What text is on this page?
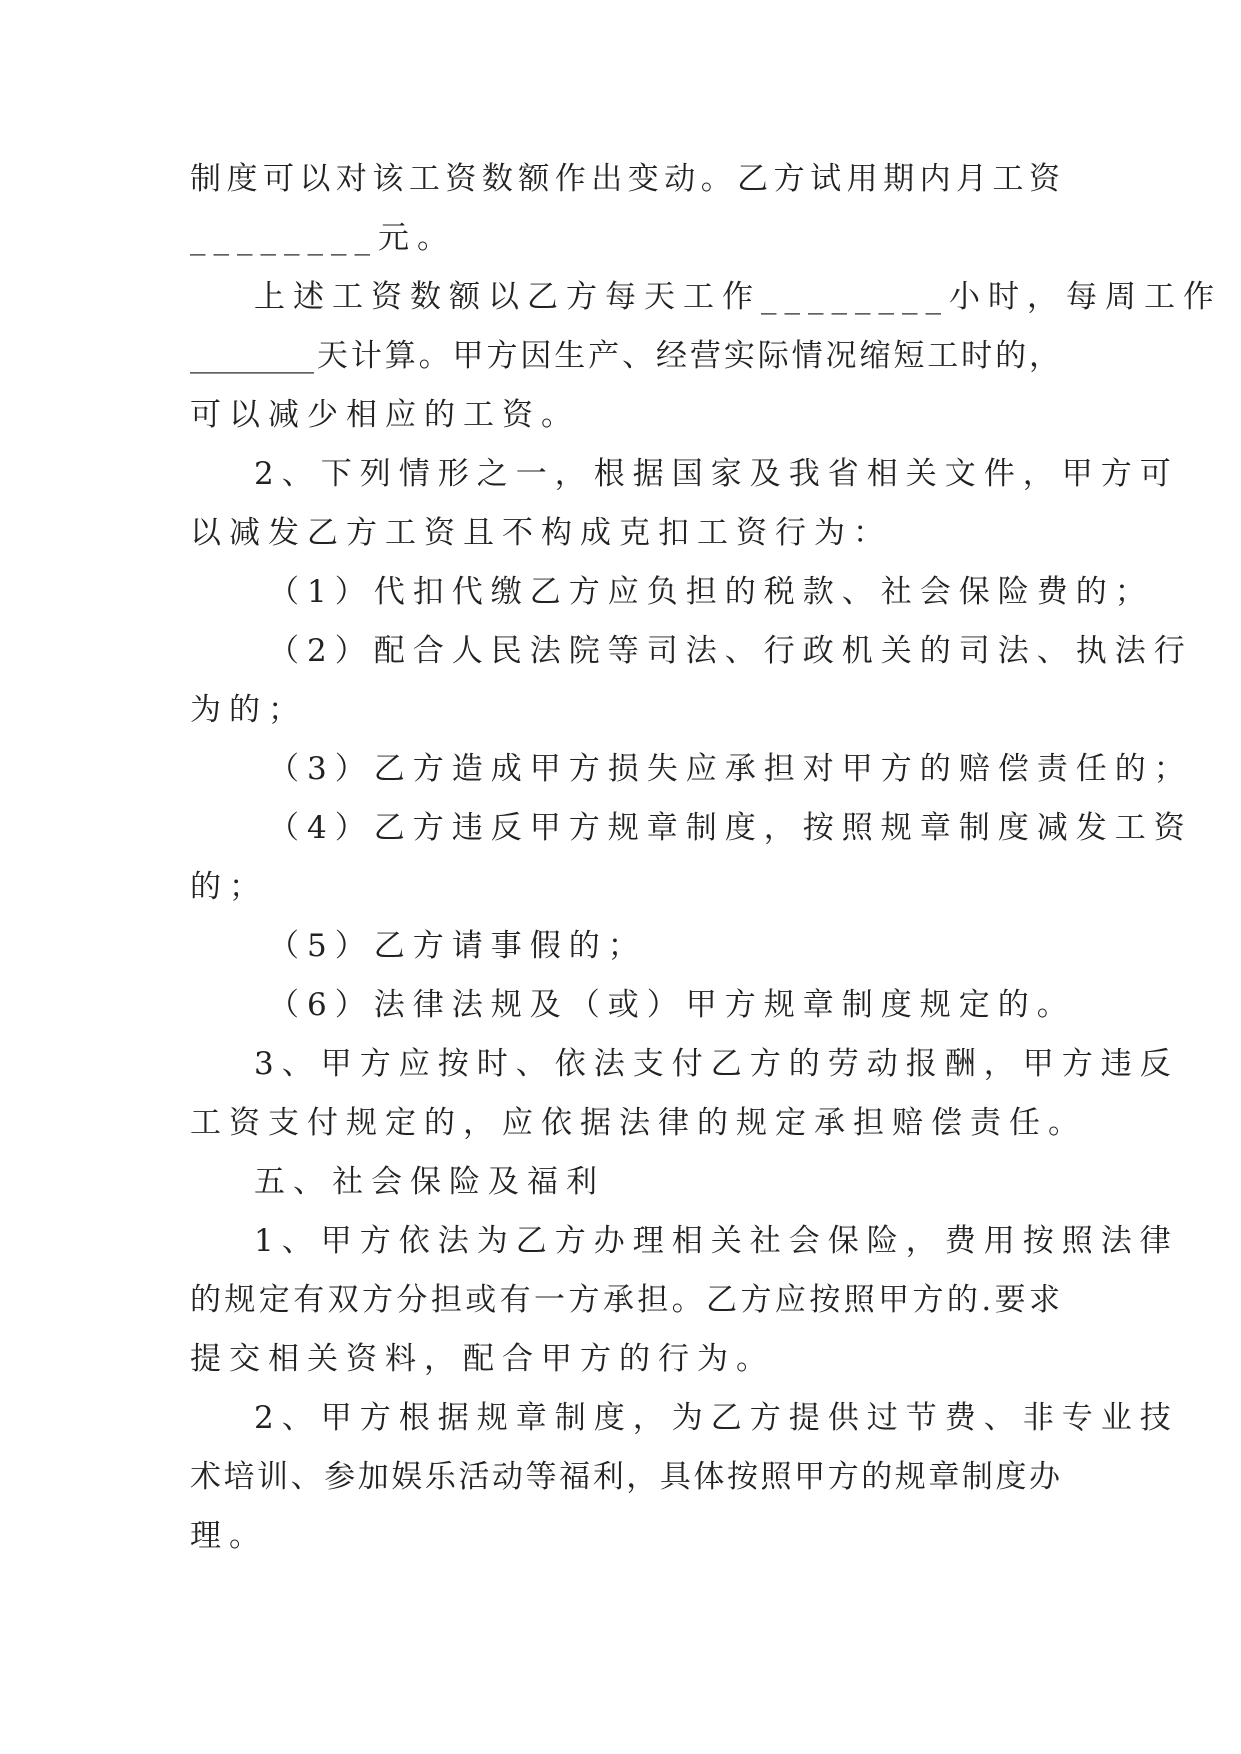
制度可以对该工资数额作出变动。乙方试用期内月工资
________元。
上述工资数额以乙方每天工作________小时，每周工作
________天计算。甲方因生产、经营实际情况缩短工时的，
可以减少相应的工资。
2、下列情形之一，根据国家及我省相关文件，甲方可
以减发乙方工资且不构成克扣工资行为：
（1）代扣代缴乙方应负担的税款、社会保险费的；
（2）配合人民法院等司法、行政机关的司法、执法行
为的；
（3）乙方造成甲方损失应承担对甲方的赔偿责任的；
（4）乙方违反甲方规章制度，按照规章制度减发工资
的；
（5）乙方请事假的；
（6）法律法规及（或）甲方规章制度规定的。
3、甲方应按时、依法支付乙方的劳动报酬，甲方违反
工资支付规定的，应依据法律的规定承担赔偿责任。
五、社会保险及福利
1、甲方依法为乙方办理相关社会保险，费用按照法律
的规定有双方分担或有一方承担。乙方应按照甲方的.要求
提交相关资料，配合甲方的行为。
2、甲方根据规章制度，为乙方提供过节费、非专业技
术培训、参加娱乐活动等福利，具体按照甲方的规章制度办
理。
